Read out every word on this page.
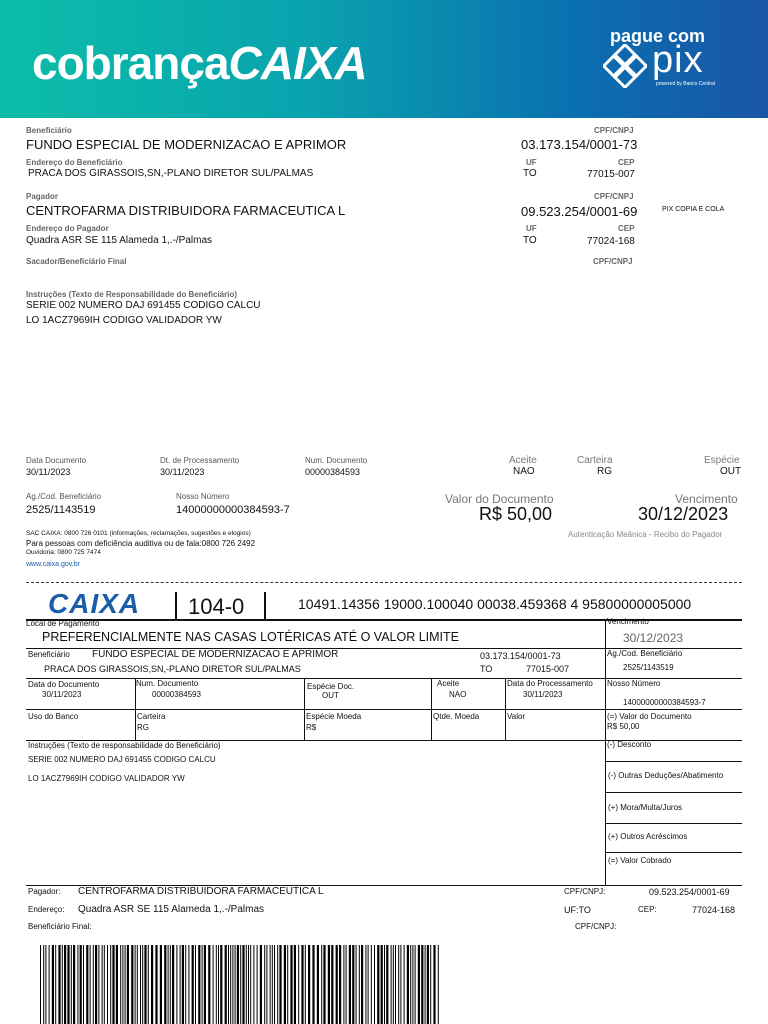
cobrançaCAIXA
pague com
pix
powered by Banco Central
Beneficiário
FUNDO ESPECIAL DE MODERNIZACAO E APRIMOR
CPF/CNPJ
03.173.154/0001-73
Endereço do Beneficiário
PRACA DOS GIRASSOIS,SN,-PLANO DIRETOR SUL/PALMAS
UF
TO
CEP
77015-007
Pagador
CENTROFARMA DISTRIBUIDORA FARMACEUTICA L
CPF/CNPJ
09.523.254/0001-69	PIX COPIA E COLA
Endereço do Pagador
Quadra ASR SE 115 Alameda 1,.-/Palmas
UF
TO
CEP
77024-168
Sacador/Beneficiário Final	CPF/CNPJ
Instruções (Texto de Responsabilidade do Beneficiário)
SERIE 002 NUMERO DAJ 691455 CODIGO CALCU
LO 1ACZ7969IH CODIGO VALIDADOR YW
Data Documento
30/11/2023
Dt. de Processamento
30/11/2023
Num. Documento
00000384593
Aceite
NAO
Carteira
RG
Espécie
OUT
Ag./Cod. Beneficiário
2525/1143519
Nosso Número
14000000000384593-7
Valor do Documento
R$ 50,00
Vencimento
30/12/2023
SAC CAIXA: 0800 726 0101 (informações, reclamações, sugestões e elogios)
Para pessoas com deficiência auditiva ou de fala:0800 726 2492
Ouvidoria: 0800 725 7474
www.caixa.gov.br
Autenticação Meânica - Recibo do Pagador
CAIXA 104-0	10491.14356 19000.100040 00038.459368 4 95800000005000
Local de Pagamento
PREFERENCIALMENTE NAS CASAS LOTÉRICAS ATÉ O VALOR LIMITE
Vencimento
30/12/2023
Beneficiário FUNDO ESPECIAL DE MODERNIZACAO E APRIMOR	03.173.154/0001-73
PRACA DOS GIRASSOIS,SN,-PLANO DIRETOR SUL/PALMAS	TO	77015-007
Ag./Cod. Beneficiário
2525/1143519
Data do Documento
30/11/2023
Num. Documento
00000384593
Espécie Doc.
OUT
Aceite
NAO
Data do Processamento
30/11/2023
Nosso Número
14000000000384593-7
Uso do Banco	Carteira
RG
Espécie Moeda
R$
Qtde. Moeda	Valor	(=) Valor do Documento
R$ 50,00
Instruções (Texto de responsabilidade do Beneficiário)
SERIE 002 NUMERO DAJ 691455 CODIGO CALCU
LO 1ACZ7969IH CODIGO VALIDADOR YW
(-) Desconto
(-) Outras Deduções/Abatimento
(+) Mora/Multa/Juros
(+) Outros Acréscimos
(=) Valor Cobrado
Pagador: CENTROFARMA DISTRIBUIDORA FARMACEUTICA L	CPF/CNPJ:	09.523.254/0001-69
Endereço: Quadra ASR SE 115 Alameda 1,.-/Palmas	UF:TO	CEP:	77024-168
Beneficiário Final:	CPF/CNPJ:
